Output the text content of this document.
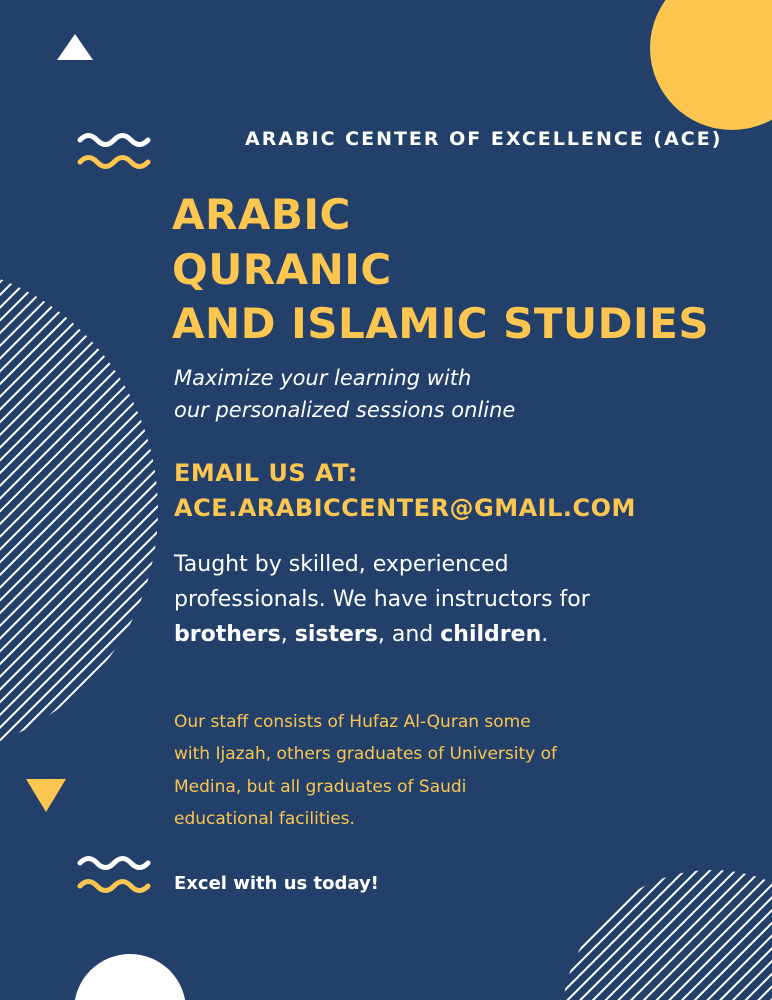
ARABIC CENTER OF EXCELLENCE (ACE)
ARABIC
QURANIC
AND ISLAMIC STUDIES
Maximize your learning with
our personalized sessions online
EMAIL US AT:
ACE.ARABICCENTER@GMAIL.COM
Taught by skilled, experienced
professionals. We have instructors for
brothers, sisters, and children.
Our staff consists of Hufaz Al-Quran some
with Ijazah, others graduates of University of
Medina, but all graduates of Saudi
educational facilities.
Excel with us today!
